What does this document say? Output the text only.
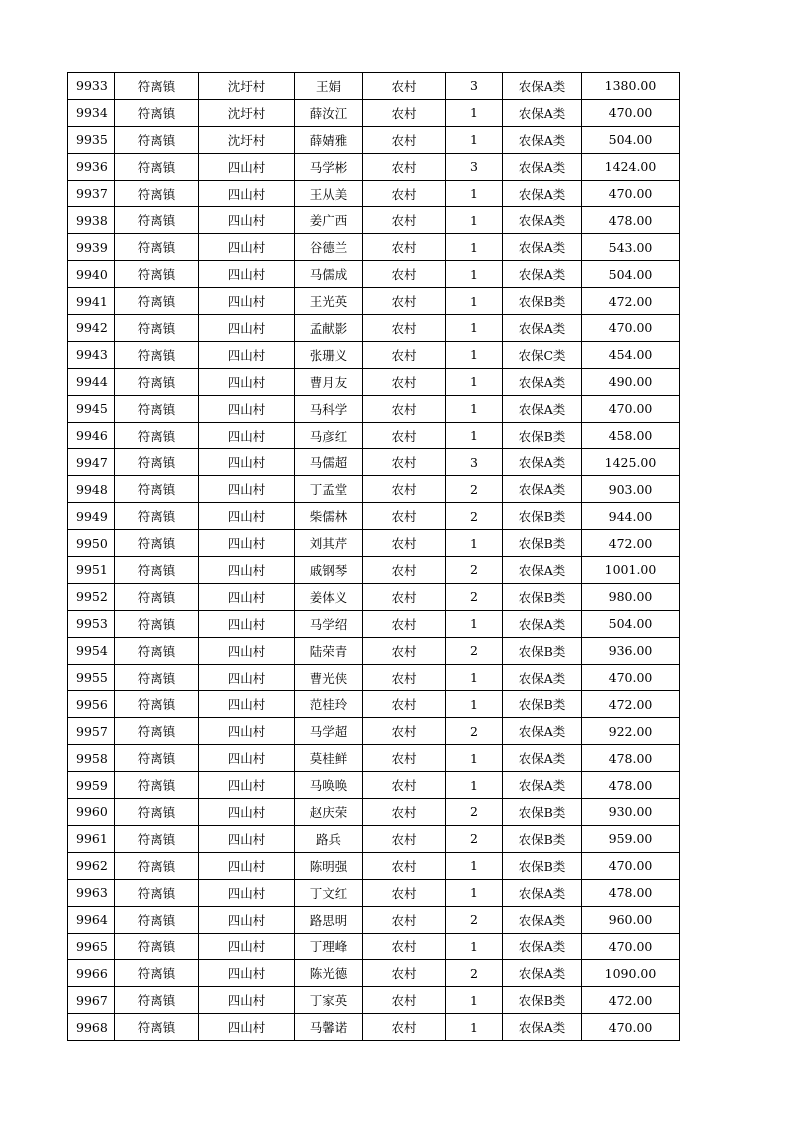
9933	符离镇	沈圩村	王娟	农村	3	农保A类	1380.00
9934	符离镇	沈圩村	薛汝江	农村	1	农保A类	470.00
9935	符离镇	沈圩村	薛婧雅	农村	1	农保A类	504.00
9936	符离镇	四山村	马学彬	农村	3	农保A类	1424.00
9937	符离镇	四山村	王从美	农村	1	农保A类	470.00
9938	符离镇	四山村	姜广西	农村	1	农保A类	478.00
9939	符离镇	四山村	谷德兰	农村	1	农保A类	543.00
9940	符离镇	四山村	马儒成	农村	1	农保A类	504.00
9941	符离镇	四山村	王光英	农村	1	农保B类	472.00
9942	符离镇	四山村	孟献影	农村	1	农保A类	470.00
9943	符离镇	四山村	张珊义	农村	1	农保C类	454.00
9944	符离镇	四山村	曹月友	农村	1	农保A类	490.00
9945	符离镇	四山村	马科学	农村	1	农保A类	470.00
9946	符离镇	四山村	马彦红	农村	1	农保B类	458.00
9947	符离镇	四山村	马儒超	农村	3	农保A类	1425.00
9948	符离镇	四山村	丁孟堂	农村	2	农保A类	903.00
9949	符离镇	四山村	柴儒林	农村	2	农保B类	944.00
9950	符离镇	四山村	刘其芹	农村	1	农保B类	472.00
9951	符离镇	四山村	戚钢琴	农村	2	农保A类	1001.00
9952	符离镇	四山村	姜体义	农村	2	农保B类	980.00
9953	符离镇	四山村	马学绍	农村	1	农保A类	504.00
9954	符离镇	四山村	陆荣青	农村	2	农保B类	936.00
9955	符离镇	四山村	曹光侠	农村	1	农保A类	470.00
9956	符离镇	四山村	范桂玲	农村	1	农保B类	472.00
9957	符离镇	四山村	马学超	农村	2	农保A类	922.00
9958	符离镇	四山村	莫桂鲜	农村	1	农保A类	478.00
9959	符离镇	四山村	马唤唤	农村	1	农保A类	478.00
9960	符离镇	四山村	赵庆荣	农村	2	农保B类	930.00
9961	符离镇	四山村	路兵	农村	2	农保B类	959.00
9962	符离镇	四山村	陈明强	农村	1	农保B类	470.00
9963	符离镇	四山村	丁文红	农村	1	农保A类	478.00
9964	符离镇	四山村	路思明	农村	2	农保A类	960.00
9965	符离镇	四山村	丁理峰	农村	1	农保A类	470.00
9966	符离镇	四山村	陈光德	农村	2	农保A类	1090.00
9967	符离镇	四山村	丁家英	农村	1	农保B类	472.00
9968	符离镇	四山村	马馨诺	农村	1	农保A类	470.00
